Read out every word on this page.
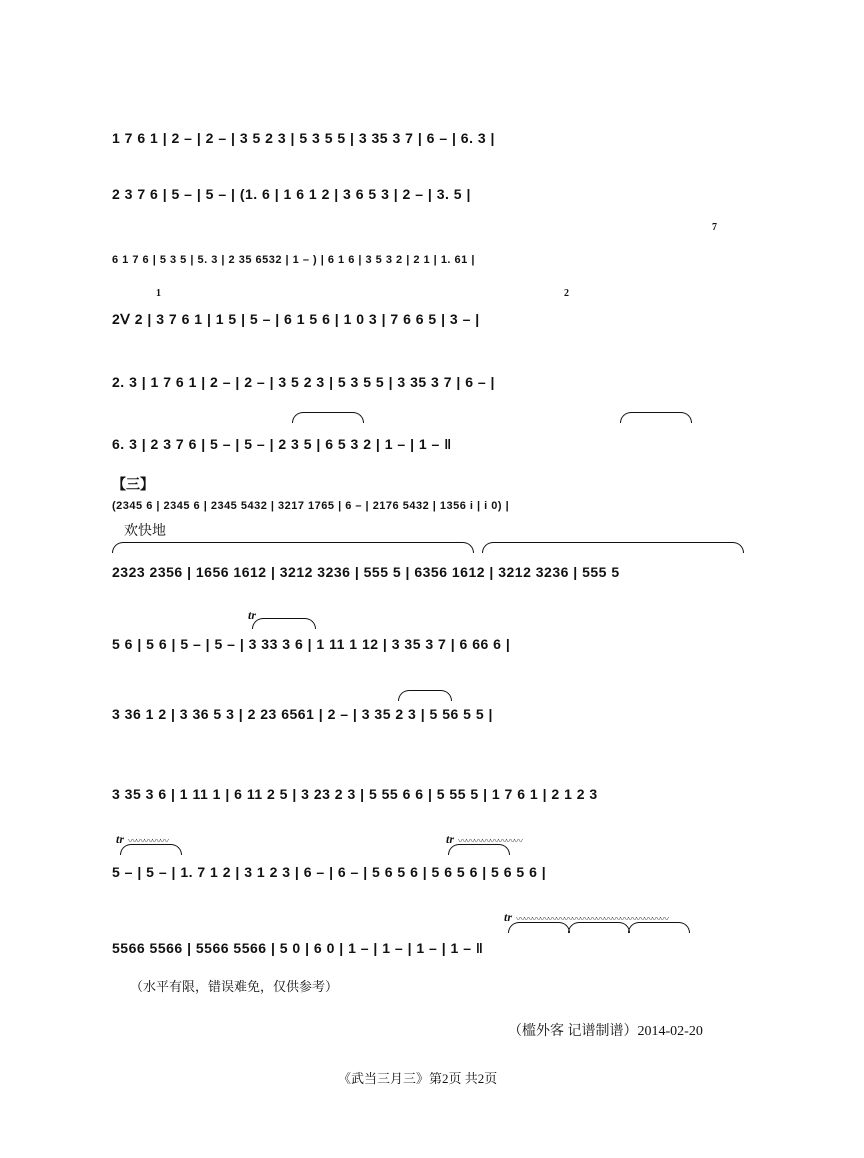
1 7 6 1 | 2 – | 2 – | 3 5 2 3 | 5 3 5 5 | 3 35 3 7 | 6 – | 6. 3 |
2 3 7 6 | 5 – | 5 – | (1. 6 | 1 6 1 2 | 3 6 5 3 | 2 – | 3. 5 |
6 1 7 6 | 5 3 5 | 5. 3 | 2 35 6532 | 1 – ) | 6 1 6 | 3 5 3 2 | 2 1 | 1. 61 |
7
2ᐯ 2 | 3 7 6 1 | 1 5 | 5 – | 6 1 5 6 | 1 0 3 | 7 6 6 5 | 3 – |
1	2
2. 3 | 1 7 6 1 | 2 – | 2 – | 3 5 2 3 | 5 3 5 5 | 3 35 3 7 | 6 – |
6. 3 | 2 3 7 6 | 5 – | 5 – | 2 3 5 | 6 5 3 2 | 1 – | 1 – ‖
【三】
(2345 6 | 2345 6 | 2345 5432 | 3217 1765 | 6 – | 2176 5432 | 1356 i | i 0) |
欢快地
2323 2356 | 1656 1612 | 3212 3236 | 555 5 | 6356 1612 | 3212 3236 | 555 5
tr
5 6 | 5 6 | 5 – | 5 – | 3 33 3 6 | 1 11 1 12 | 3 35 3 7 | 6 66 6 |
3 36 1 2 | 3 36 5 3 | 2 23 6561 | 2 – | 3 35 2 3 | 5 56 5 5 |
3 35 3 6 | 1 11 1 | 6 11 2 5 | 3 23 2 3 | 5 55 6 6 | 5 55 5 | 1 7 6 1 | 2 1 2 3
tr 〰〰〰〰〰	tr 〰〰〰〰〰〰〰〰
5 – | 5 – | 1. 7 1 2 | 3 1 2 3 | 6 – | 6 – | 5 6 5 6 | 5 6 5 6 | 5 6 5 6 |
tr 〰〰〰〰〰〰〰〰〰〰〰〰〰〰〰〰〰〰〰
5566 5566 | 5566 5566 | 5 0 | 6 0 | 1 – | 1 – | 1 – | 1 – ‖
（水平有限，错误难免，仅供参考）
（槛外客 记谱制谱）2014-02-20
《武当三月三》第2页 共2页
